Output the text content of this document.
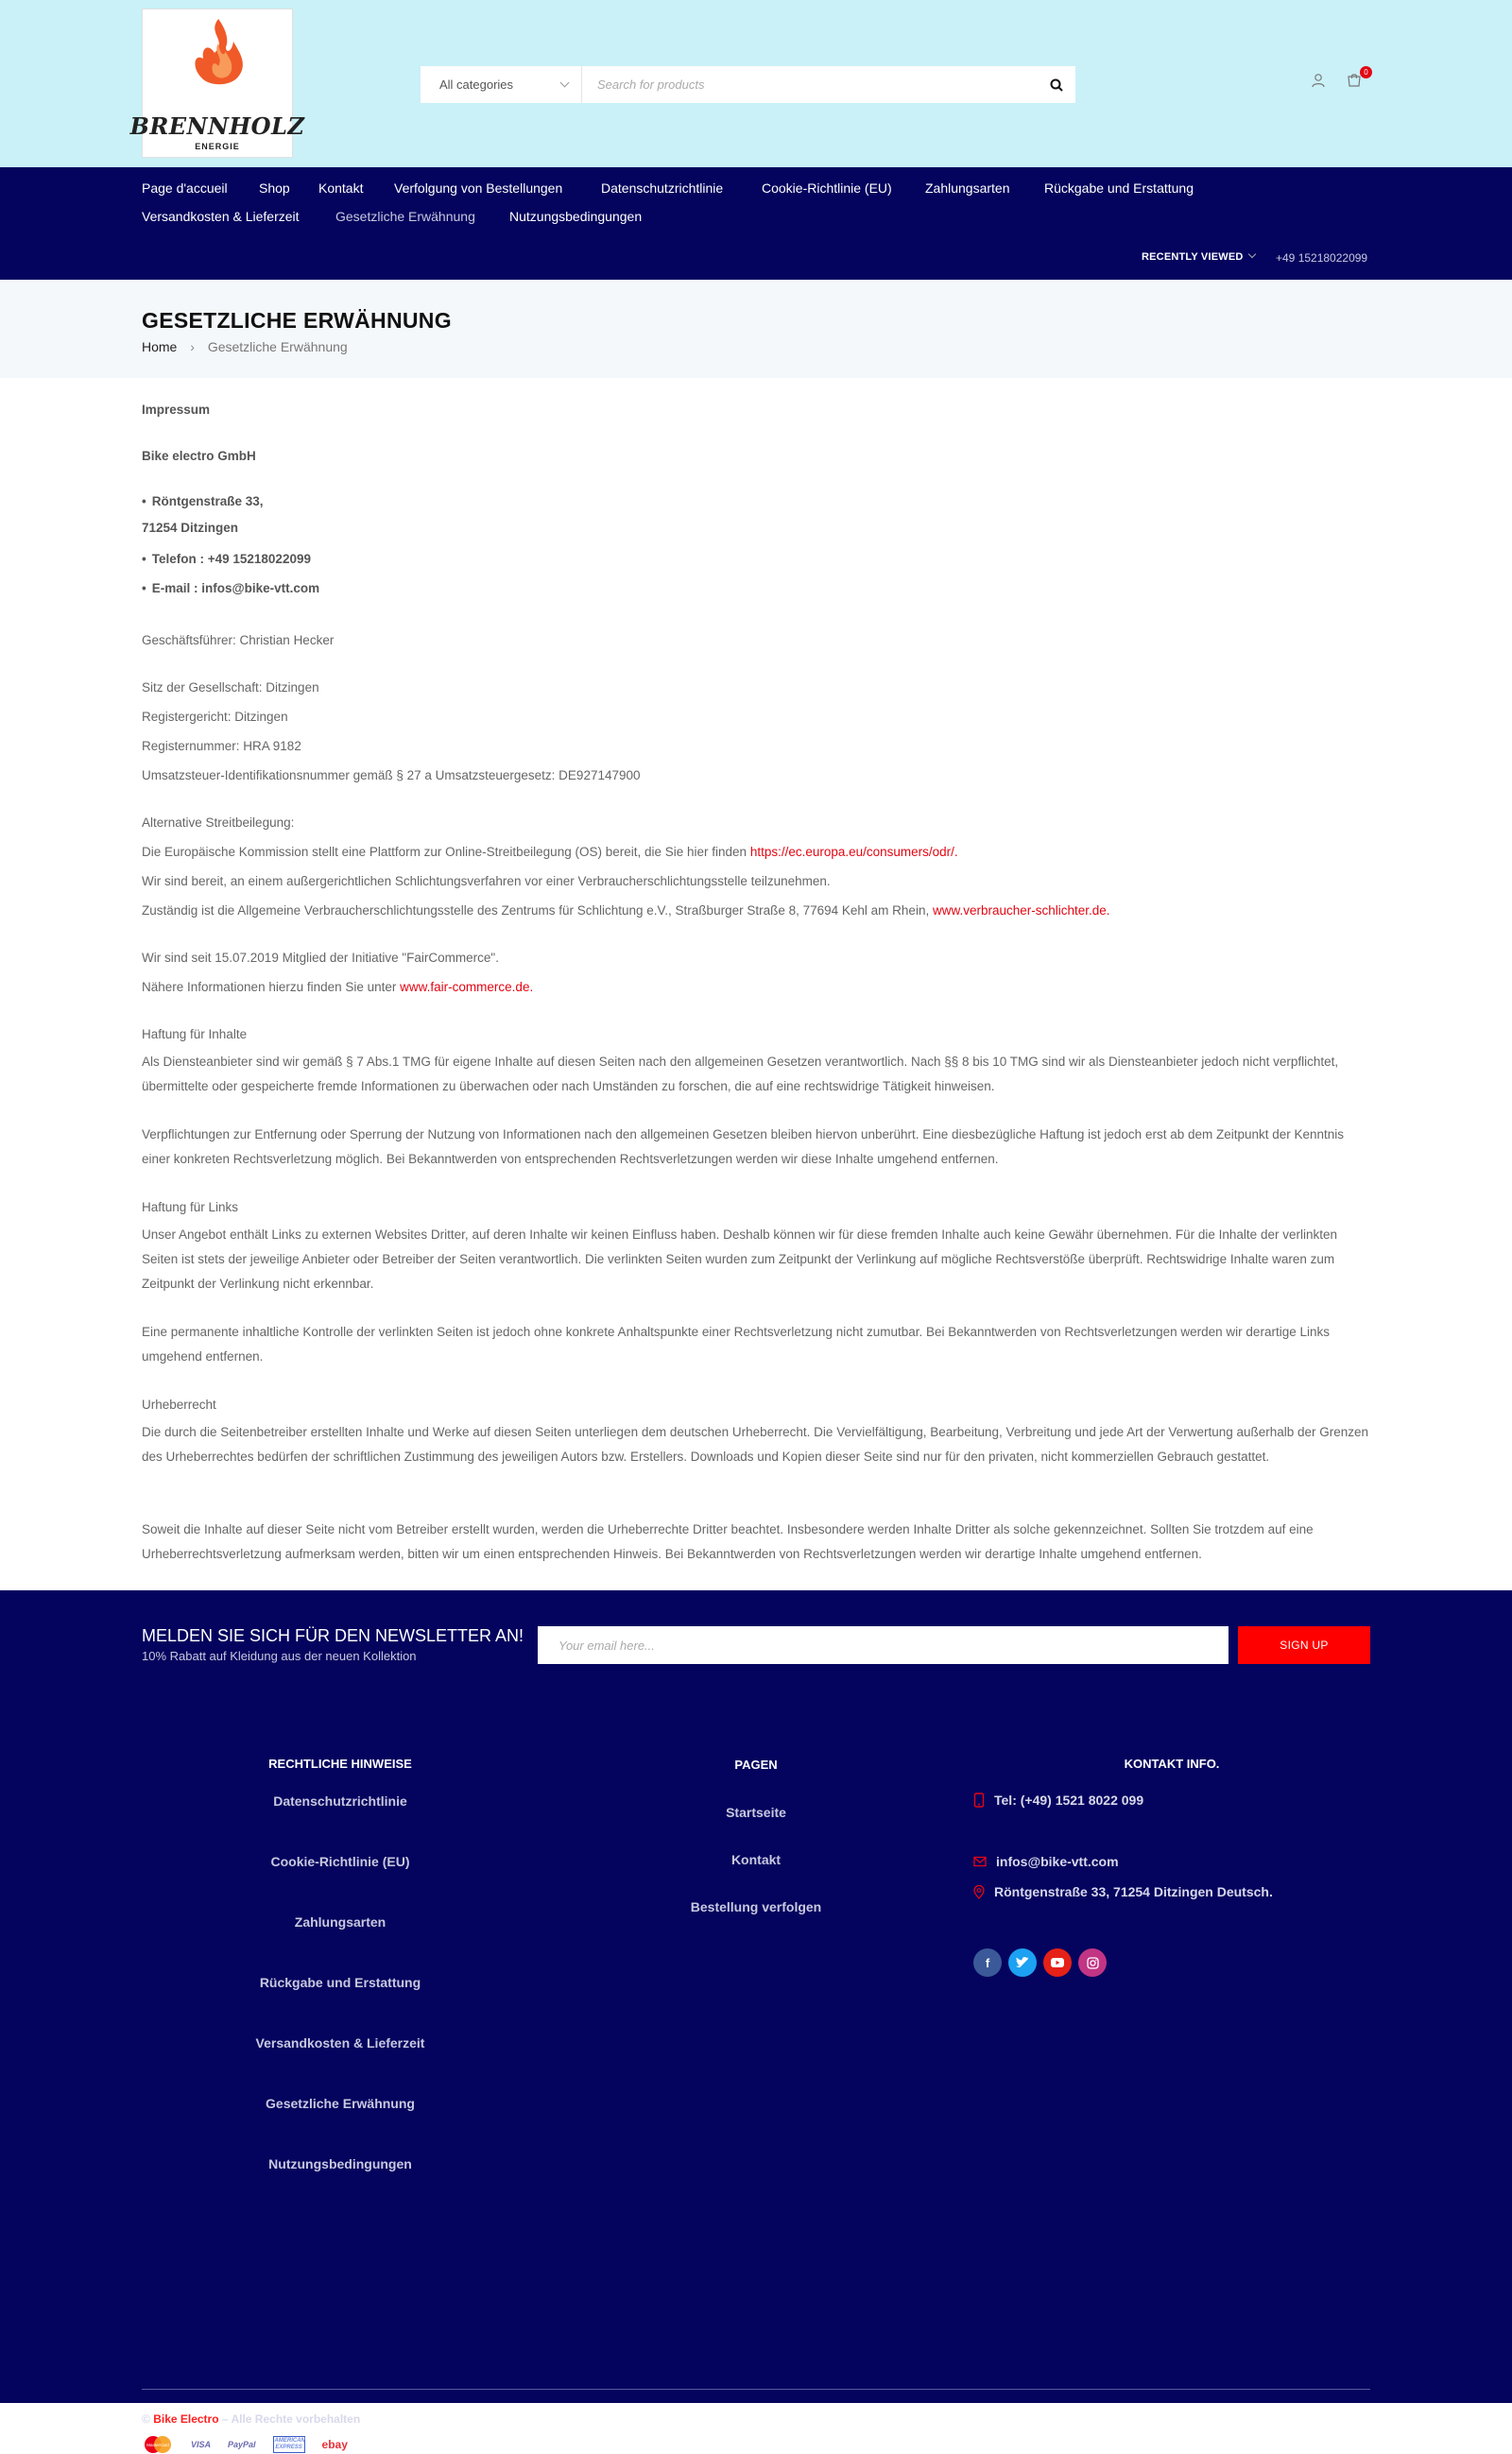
BRENNHOLZ
ENERGIE
All categories
Search for products
0
Page d'accueil Shop Kontakt Verfolgung von Bestellungen	Datenschutzrichtlinie	Cookie-Richtlinie (EU)	Zahlungsarten	Rückgabe und Erstattung
Versandkosten & Lieferzeit	Gesetzliche Erwähnung	Nutzungsbedingungen
RECENTLY VIEWED	+49 15218022099
GESETZLICHE ERWÄHNUNG
Home › Gesetzliche Erwähnung
Impressum
Bike electro GmbH
• Röntgenstraße 33,
71254 Ditzingen
• Telefon : +49 15218022099
• E-mail : infos@bike-vtt.com
Geschäftsführer: Christian Hecker
Sitz der Gesellschaft: Ditzingen
Registergericht: Ditzingen
Registernummer: HRA 9182
Umsatzsteuer-Identifikationsnummer gemäß § 27 a Umsatzsteuergesetz: DE927147900
Alternative Streitbeilegung:
Die Europäische Kommission stellt eine Plattform zur Online-Streitbeilegung (OS) bereit, die Sie hier finden https://ec.europa.eu/consumers/odr/.
Wir sind bereit, an einem außergerichtlichen Schlichtungsverfahren vor einer Verbraucherschlichtungsstelle teilzunehmen.
Zuständig ist die Allgemeine Verbraucherschlichtungsstelle des Zentrums für Schlichtung e.V., Straßburger Straße 8, 77694 Kehl am Rhein, www.verbraucher-schlichter.de.
Wir sind seit 15.07.2019 Mitglied der Initiative "FairCommerce".
Nähere Informationen hierzu finden Sie unter www.fair-commerce.de.
Haftung für Inhalte
Als Diensteanbieter sind wir gemäß § 7 Abs.1 TMG für eigene Inhalte auf diesen Seiten nach den allgemeinen Gesetzen verantwortlich. Nach §§ 8 bis 10 TMG sind wir als Diensteanbieter jedoch nicht verpflichtet, übermittelte oder gespeicherte fremde Informationen zu überwachen oder nach Umständen zu forschen, die auf eine rechtswidrige Tätigkeit hinweisen.
Verpflichtungen zur Entfernung oder Sperrung der Nutzung von Informationen nach den allgemeinen Gesetzen bleiben hiervon unberührt. Eine diesbezügliche Haftung ist jedoch erst ab dem Zeitpunkt der Kenntnis einer konkreten Rechtsverletzung möglich. Bei Bekanntwerden von entsprechenden Rechtsverletzungen werden wir diese Inhalte umgehend entfernen.
Haftung für Links
Unser Angebot enthält Links zu externen Websites Dritter, auf deren Inhalte wir keinen Einfluss haben. Deshalb können wir für diese fremden Inhalte auch keine Gewähr übernehmen. Für die Inhalte der verlinkten Seiten ist stets der jeweilige Anbieter oder Betreiber der Seiten verantwortlich. Die verlinkten Seiten wurden zum Zeitpunkt der Verlinkung auf mögliche Rechtsverstöße überprüft. Rechtswidrige Inhalte waren zum Zeitpunkt der Verlinkung nicht erkennbar.
Eine permanente inhaltliche Kontrolle der verlinkten Seiten ist jedoch ohne konkrete Anhaltspunkte einer Rechtsverletzung nicht zumutbar. Bei Bekanntwerden von Rechtsverletzungen werden wir derartige Links umgehend entfernen.
Urheberrecht
Die durch die Seitenbetreiber erstellten Inhalte und Werke auf diesen Seiten unterliegen dem deutschen Urheberrecht. Die Vervielfältigung, Bearbeitung, Verbreitung und jede Art der Verwertung außerhalb der Grenzen des Urheberrechtes bedürfen der schriftlichen Zustimmung des jeweiligen Autors bzw. Erstellers. Downloads und Kopien dieser Seite sind nur für den privaten, nicht kommerziellen Gebrauch gestattet.
Soweit die Inhalte auf dieser Seite nicht vom Betreiber erstellt wurden, werden die Urheberrechte Dritter beachtet. Insbesondere werden Inhalte Dritter als solche gekennzeichnet. Sollten Sie trotzdem auf eine Urheberrechtsverletzung aufmerksam werden, bitten wir um einen entsprechenden Hinweis. Bei Bekanntwerden von Rechtsverletzungen werden wir derartige Inhalte umgehend entfernen.
MELDEN SIE SICH FÜR DEN NEWSLETTER AN!
10% Rabatt auf Kleidung aus der neuen Kollektion
Your email here...
SIGN UP
RECHTLICHE HINWEISE
Datenschutzrichtlinie
Cookie-Richtlinie (EU)
Zahlungsarten
Rückgabe und Erstattung
Versandkosten & Lieferzeit
Gesetzliche Erwähnung
Nutzungsbedingungen
PAGEN
Startseite
Kontakt
Bestellung verfolgen
KONTAKT INFO.
Tel: (+49) 1521 8022 099
infos@bike-vtt.com
Röntgenstraße 33, 71254 Ditzingen Deutsch.
f
© Bike Electro – Alle Rechte vorbehalten
MasterCard	VISA PayPal	AMERICAN EXPRESS ebay
